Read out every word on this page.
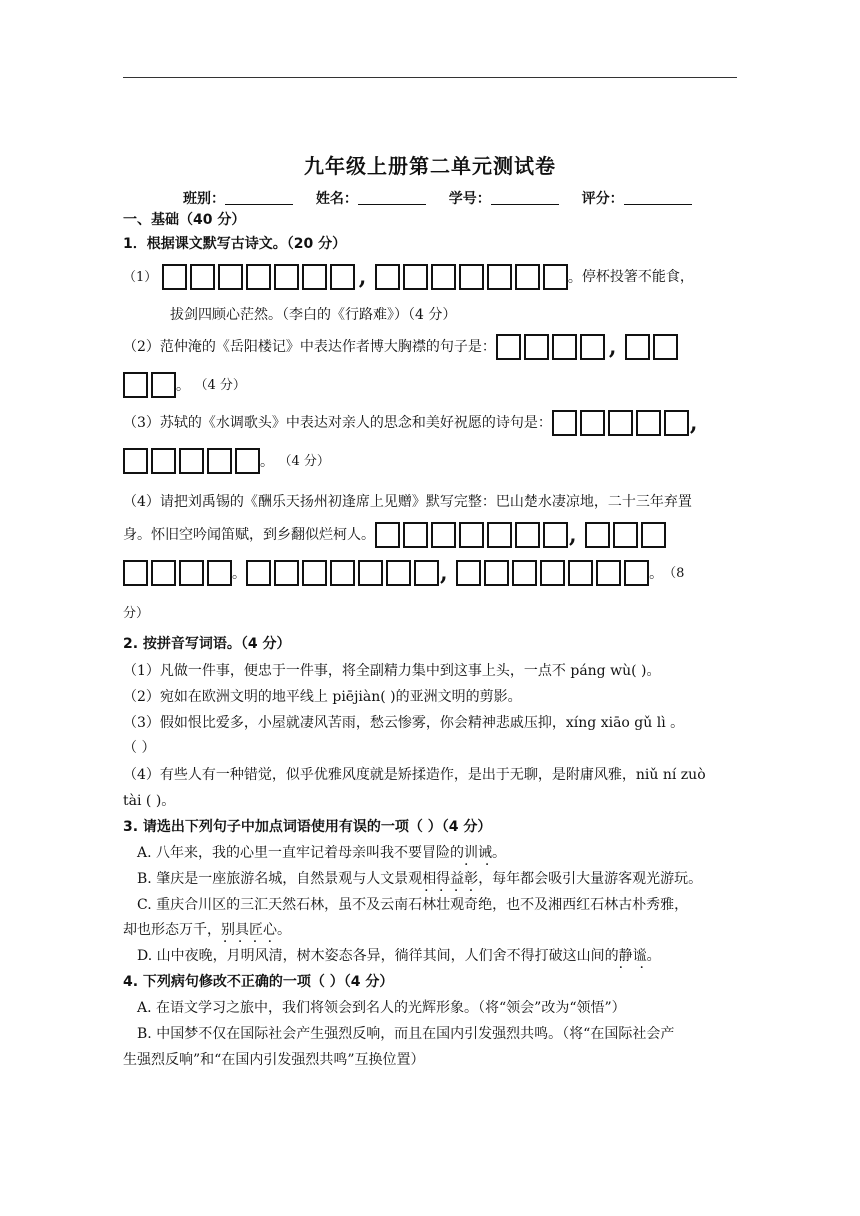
九年级上册第二单元测试卷
班别：	姓名：	学号：	评分：
一、基础（40 分）
1．根据课文默写古诗文。（20 分）
（1）	,	。停杯投箸不能食，
拔剑四顾心茫然。（李白的《行路难》）（4 分）
（2）范仲淹的《岳阳楼记》中表达作者博大胸襟的句子是：	,
。 （4 分）
（3）苏轼的《水调歌头》中表达对亲人的思念和美好祝愿的诗句是：	,
。 （4 分）
（4）请把刘禹锡的《酬乐天扬州初逢席上见赠》默写完整：巴山楚水凄凉地，二十三年弃置
身。怀旧空吟闻笛赋，到乡翻似烂柯人。	,
。	,	。（8
分）
2. 按拼音写词语。（4 分）
（1）凡做一件事，便忠于一件事，将全副精力集中到这事上头，一点不 páng wù( )。
（2）宛如在欧洲文明的地平线上 piējiàn( )的亚洲文明的剪影。
（3）假如恨比爱多，小屋就凄风苦雨，愁云惨雾，你会精神悲戚压抑，xíng xiāo gǔ lì 。
（ ）
（4）有些人有一种错觉，似乎优雅风度就是矫揉造作，是出于无聊，是附庸风雅，niǔ ní zuò
tài ( )。
3. 请选出下列句子中加点词语使用有误的一项（ ）（4 分）
A. 八年来，我的心里一直牢记着母亲叫我不要冒险的训诫 · ·。
B. 肇庆是一座旅游名城，自然景观与人文景观相得益彰 · · · ·，每年都会吸引大量游客观光游玩。
C. 重庆合川区的三汇天然石林，虽不及云南石林壮观奇绝，也不及湘西红石林古朴秀雅，
却也形态万千，别具匠心 · · · ·。
D. 山中夜晚，月明风清，树木姿态各异，徜徉其间，人们舍不得打破这山间的静谧 · ·。
4. 下列病句修改不正确的一项（ ）（4 分）
A. 在语文学习之旅中，我们将领会到名人的光辉形象。（将“领会”改为“领悟”）
B. 中国梦不仅在国际社会产生强烈反响，而且在国内引发强烈共鸣。（将“在国际社会产
生强烈反响”和“在国内引发强烈共鸣”互换位置）
